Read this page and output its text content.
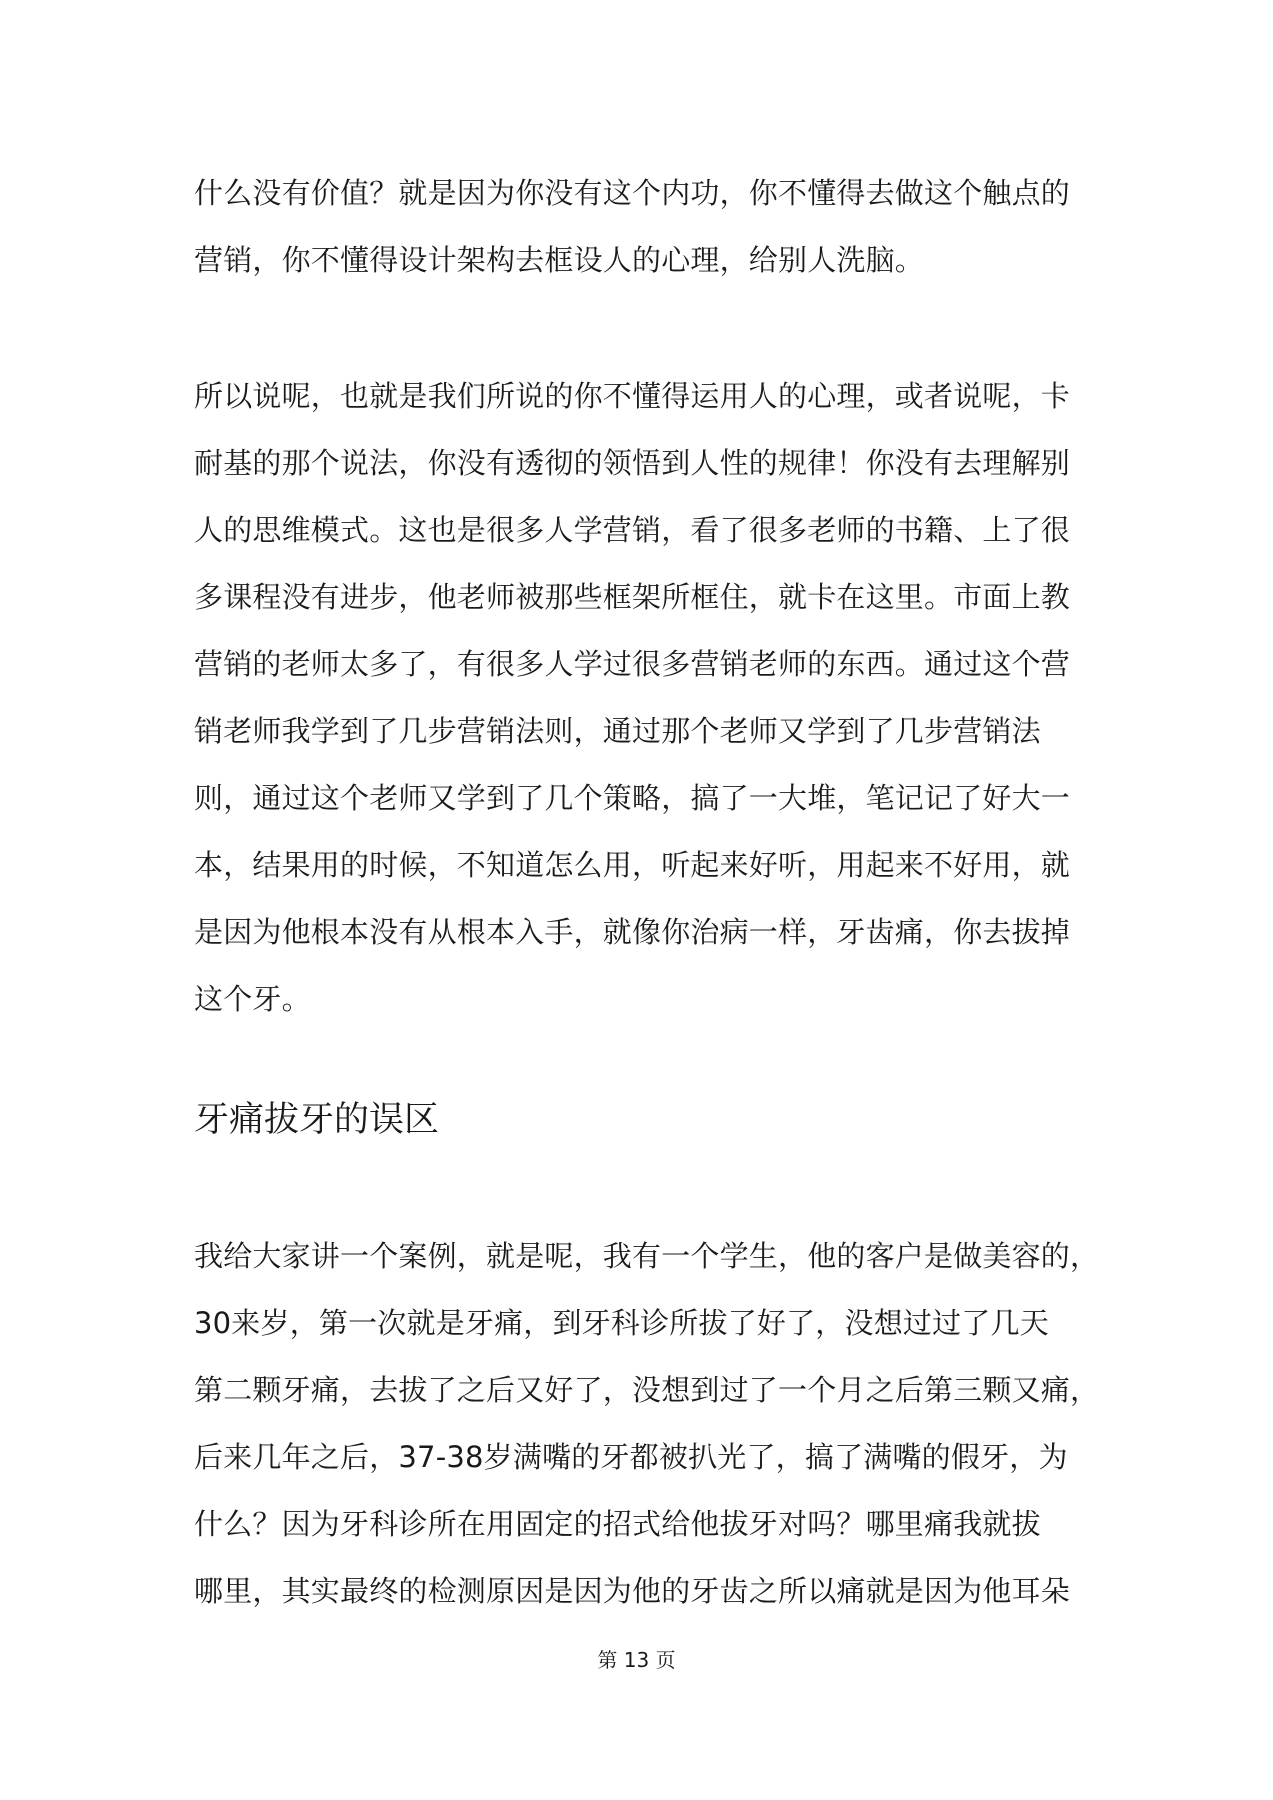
什么没有价值？就是因为你没有这个内功，你不懂得去做这个触点的
营销，你不懂得设计架构去框设人的心理，给别人洗脑。
所以说呢，也就是我们所说的你不懂得运用人的心理，或者说呢，卡
耐基的那个说法，你没有透彻的领悟到人性的规律！你没有去理解别
人的思维模式。这也是很多人学营销，看了很多老师的书籍、上了很
多课程没有进步，他老师被那些框架所框住，就卡在这里。市面上教
营销的老师太多了，有很多人学过很多营销老师的东西。通过这个营
销老师我学到了几步营销法则，通过那个老师又学到了几步营销法
则，通过这个老师又学到了几个策略，搞了一大堆，笔记记了好大一
本，结果用的时候，不知道怎么用，听起来好听，用起来不好用，就
是因为他根本没有从根本入手，就像你治病一样，牙齿痛，你去拔掉
这个牙。
牙痛拔牙的误区
我给大家讲一个案例，就是呢，我有一个学生，他的客户是做美容的，
30来岁，第一次就是牙痛，到牙科诊所拔了好了，没想过过了几天
第二颗牙痛，去拔了之后又好了，没想到过了一个月之后第三颗又痛，
后来几年之后，37-38岁满嘴的牙都被扒光了，搞了满嘴的假牙，为
什么？因为牙科诊所在用固定的招式给他拔牙对吗？哪里痛我就拔
哪里，其实最终的检测原因是因为他的牙齿之所以痛就是因为他耳朵
第 13 页
